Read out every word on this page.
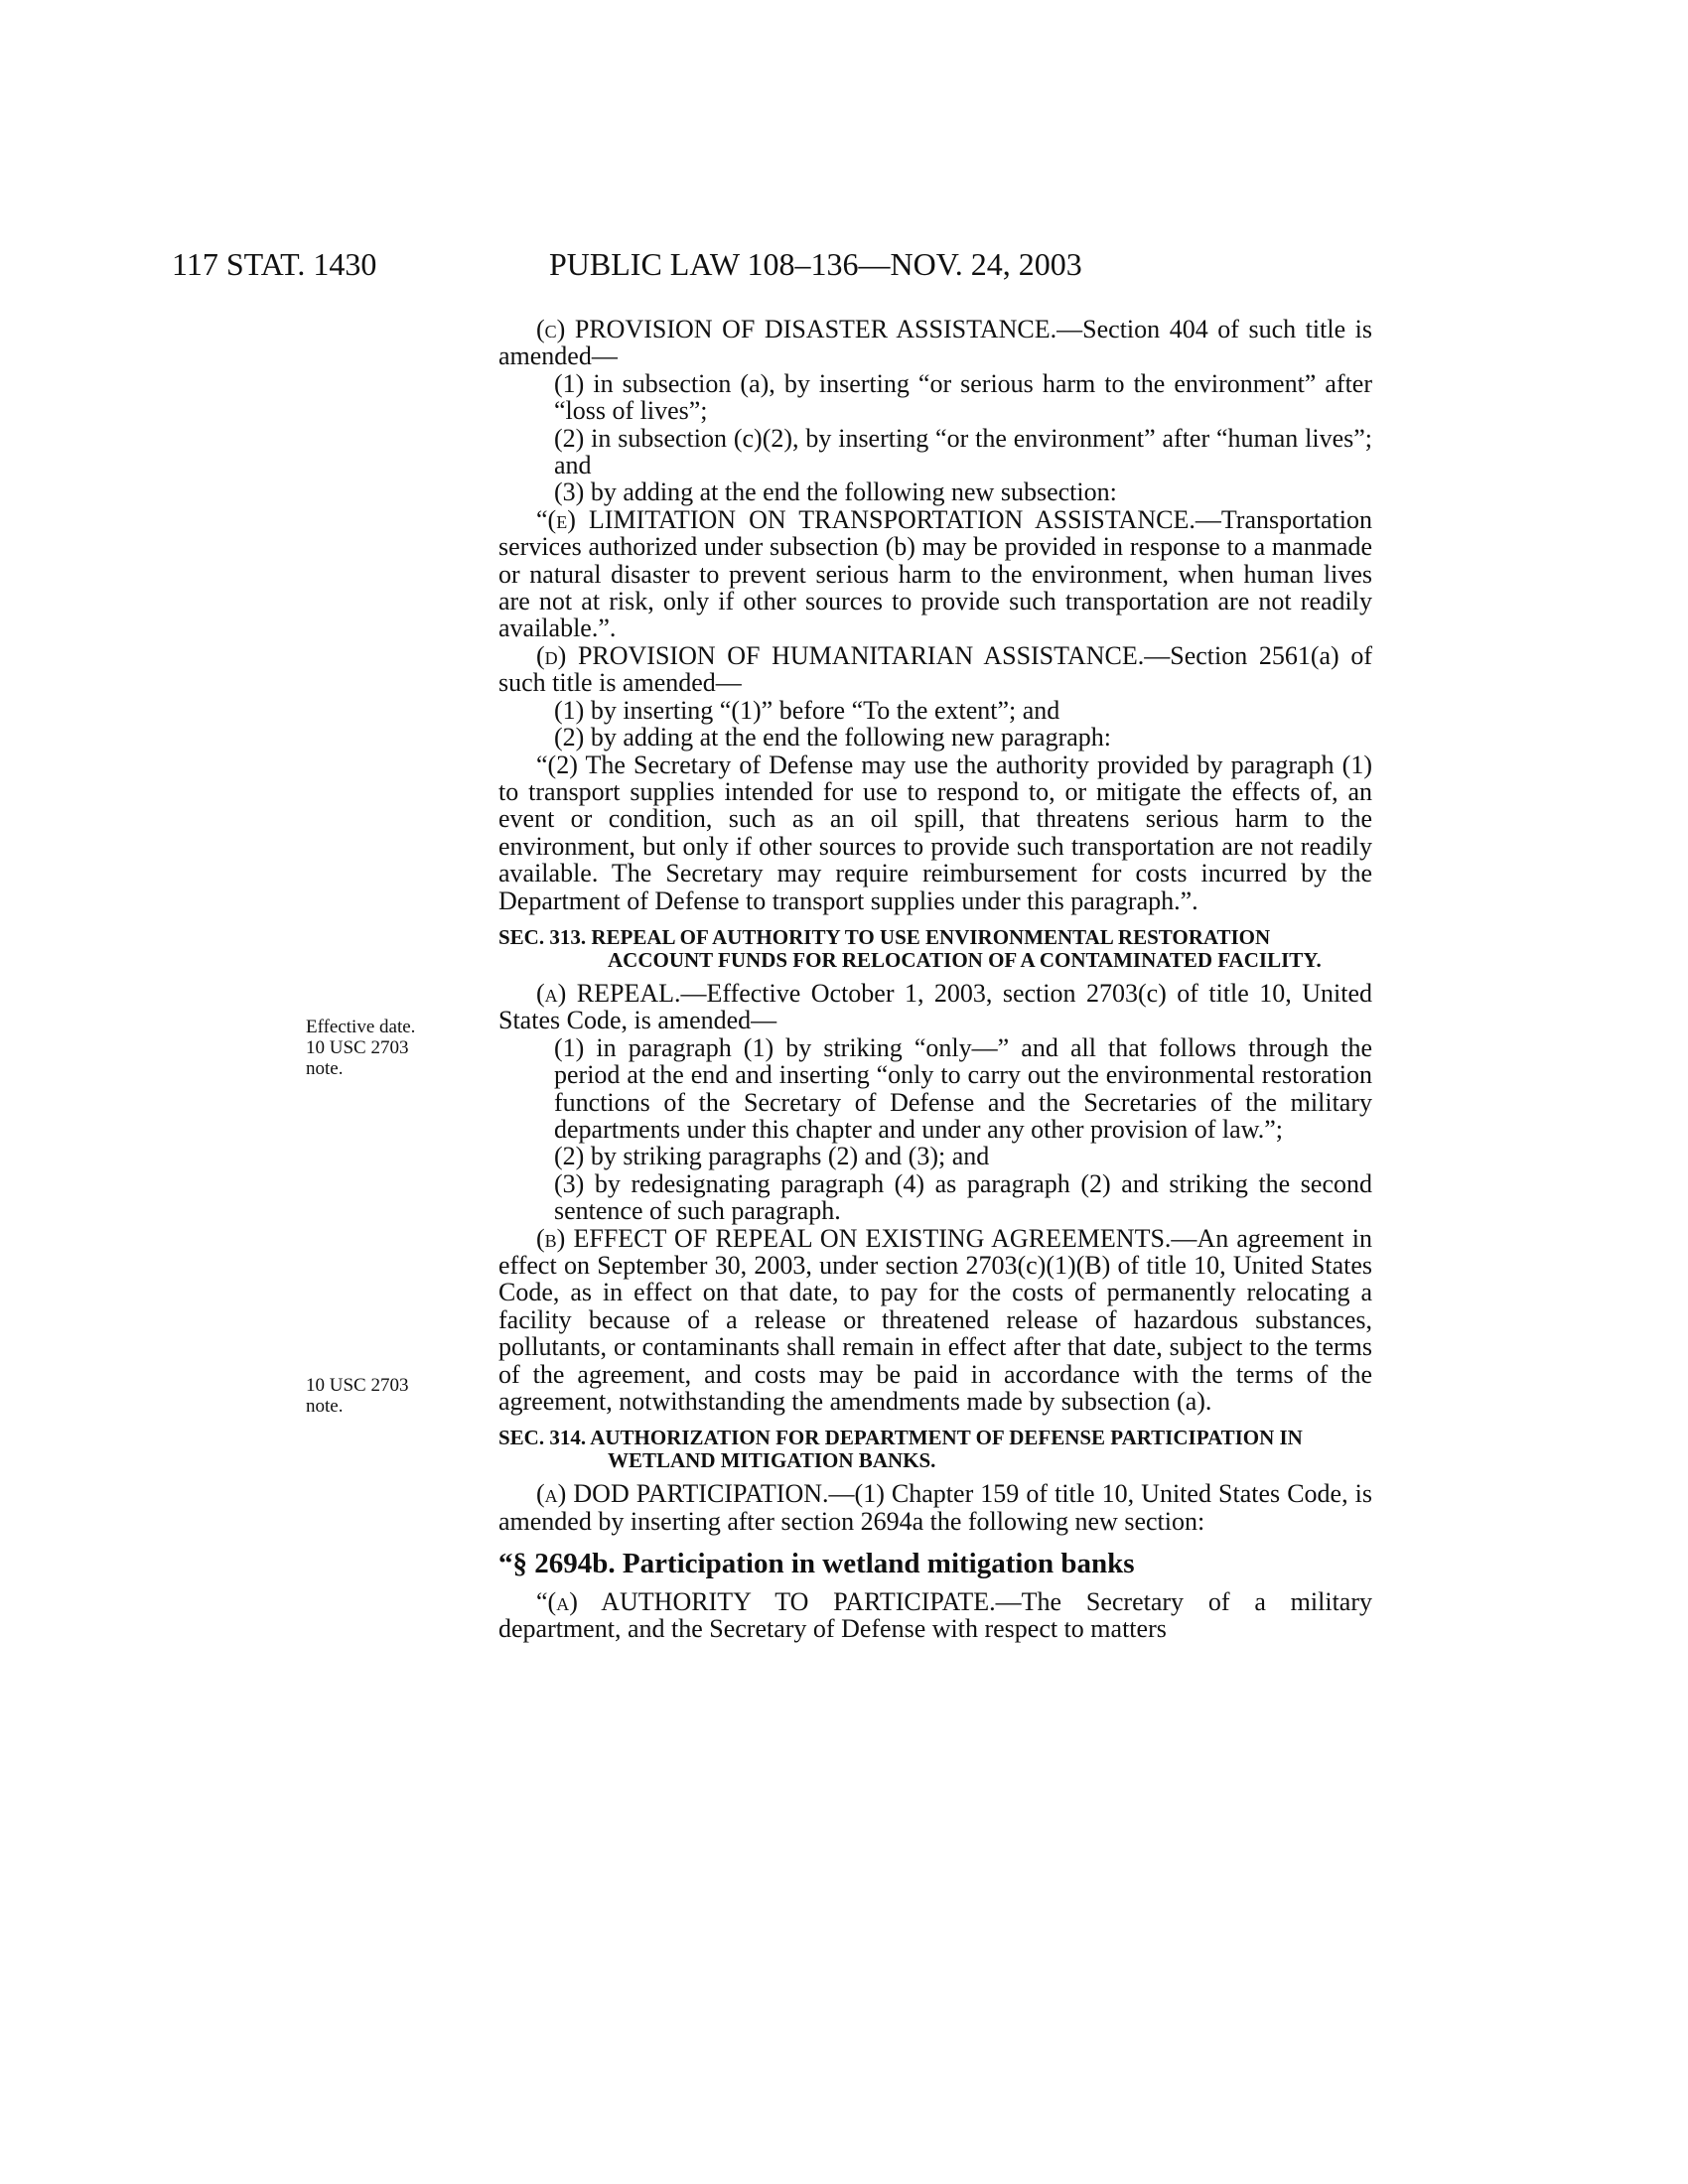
117 STAT. 1430	PUBLIC LAW 108–136—NOV. 24, 2003
Effective date.
10 USC 2703
note.
10 USC 2703
note.

(c) PROVISION OF DISASTER ASSISTANCE.—Section 404 of such title is amended—

(1) in subsection (a), by inserting “or serious harm to the environment” after “loss of lives”;

(2) in subsection (c)(2), by inserting “or the environment” after “human lives”; and

(3) by adding at the end the following new subsection:

“(e) LIMITATION ON TRANSPORTATION ASSISTANCE.—Transportation services authorized under subsection (b) may be provided in response to a manmade or natural disaster to prevent serious harm to the environment, when human lives are not at risk, only if other sources to provide such transportation are not readily available.”.

(d) PROVISION OF HUMANITARIAN ASSISTANCE.—Section 2561(a) of such title is amended—

(1) by inserting “(1)” before “To the extent”; and

(2) by adding at the end the following new paragraph:

“(2) The Secretary of Defense may use the authority provided by paragraph (1) to transport supplies intended for use to respond to, or mitigate the effects of, an event or condition, such as an oil spill, that threatens serious harm to the environment, but only if other sources to provide such transportation are not readily available. The Secretary may require reimbursement for costs incurred by the Department of Defense to transport supplies under this paragraph.”.

SEC. 313. REPEAL OF AUTHORITY TO USE ENVIRONMENTAL RESTORATION ACCOUNT FUNDS FOR RELOCATION OF A CONTAMINATED FACILITY.

(a) REPEAL.—Effective October 1, 2003, section 2703(c) of title 10, United States Code, is amended—

(1) in paragraph (1) by striking “only—” and all that follows through the period at the end and inserting “only to carry out the environmental restoration functions of the Secretary of Defense and the Secretaries of the military departments under this chapter and under any other provision of law.”;

(2) by striking paragraphs (2) and (3); and

(3) by redesignating paragraph (4) as paragraph (2) and striking the second sentence of such paragraph.

(b) EFFECT OF REPEAL ON EXISTING AGREEMENTS.—An agreement in effect on September 30, 2003, under section 2703(c)(1)(B) of title 10, United States Code, as in effect on that date, to pay for the costs of permanently relocating a facility because of a release or threatened release of hazardous substances, pollutants, or contaminants shall remain in effect after that date, subject to the terms of the agreement, and costs may be paid in accordance with the terms of the agreement, notwithstanding the amendments made by subsection (a).

SEC. 314. AUTHORIZATION FOR DEPARTMENT OF DEFENSE PARTICIPATION IN WETLAND MITIGATION BANKS.

(a) DOD PARTICIPATION.—(1) Chapter 159 of title 10, United States Code, is amended by inserting after section 2694a the following new section:

“§ 2694b. Participation in wetland mitigation banks

“(a) AUTHORITY TO PARTICIPATE.—The Secretary of a military department, and the Secretary of Defense with respect to matters
